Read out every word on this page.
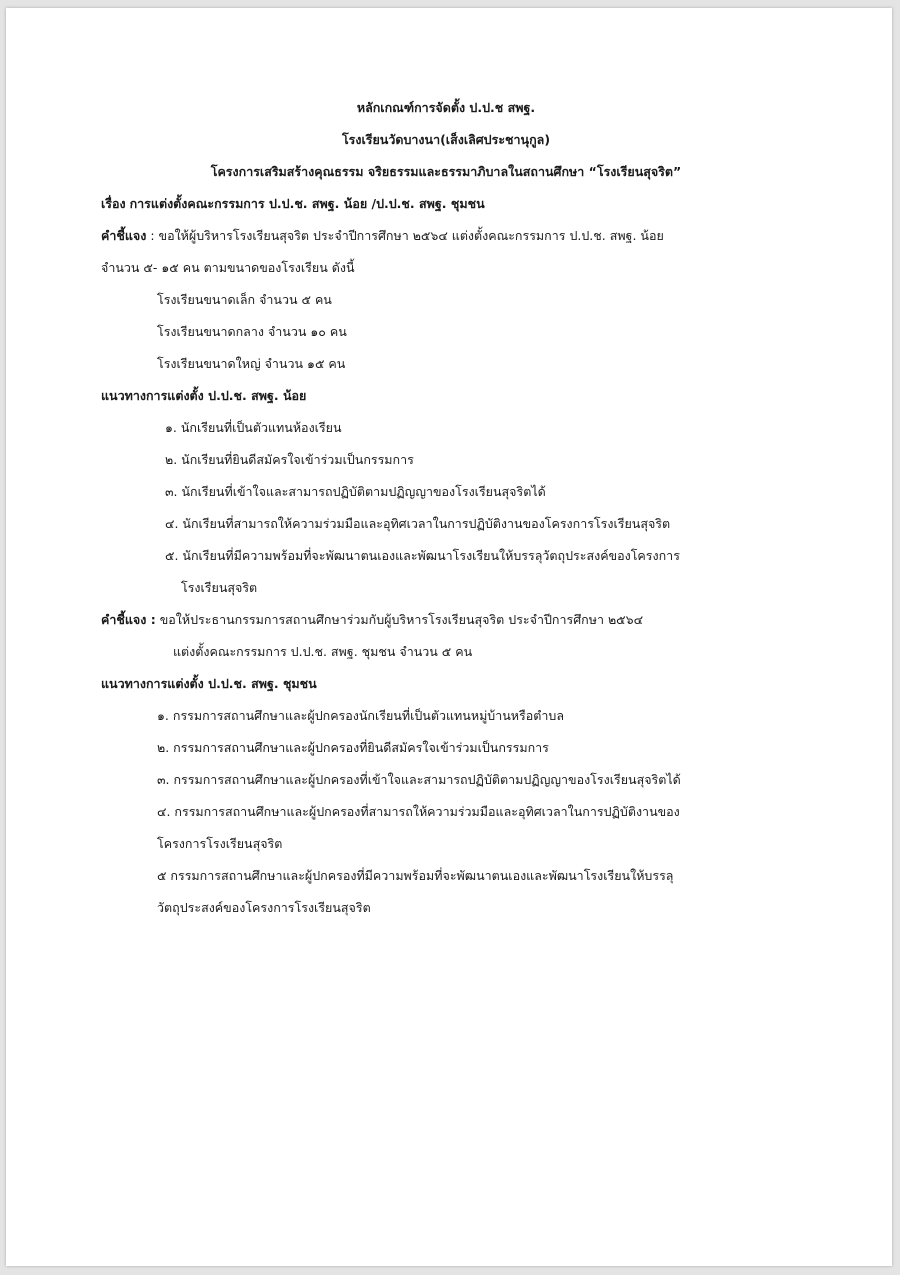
หลักเกณฑ์การจัดตั้ง ป.ป.ช สพฐ.
โรงเรียนวัดบางนา(เส็งเลิศประชานุกูล)
โครงการเสริมสร้างคุณธรรม จริยธรรมและธรรมาภิบาลในสถานศึกษา “โรงเรียนสุจริต”
เรื่อง การแต่งตั้งคณะกรรมการ ป.ป.ช. สพฐ. น้อย /ป.ป.ช. สพฐ. ชุมชน
คำชี้แจง : ขอให้ผู้บริหารโรงเรียนสุจริต ประจำปีการศึกษา ๒๕๖๔ แต่งตั้งคณะกรรมการ ป.ป.ช. สพฐ. น้อย
จำนวน ๕- ๑๕ คน ตามขนาดของโรงเรียน ดังนี้
โรงเรียนขนาดเล็ก จำนวน ๕ คน
โรงเรียนขนาดกลาง จำนวน ๑๐ คน
โรงเรียนขนาดใหญ่ จำนวน ๑๕ คน
แนวทางการแต่งตั้ง ป.ป.ช. สพฐ. น้อย
๑. นักเรียนที่เป็นตัวแทนห้องเรียน
๒. นักเรียนที่ยินดีสมัครใจเข้าร่วมเป็นกรรมการ
๓. นักเรียนที่เข้าใจและสามารถปฏิบัติตามปฏิญญาของโรงเรียนสุจริตได้
๔. นักเรียนที่สามารถให้ความร่วมมือและอุทิศเวลาในการปฏิบัติงานของโครงการโรงเรียนสุจริต
๕. นักเรียนที่มีความพร้อมที่จะพัฒนาตนเองและพัฒนาโรงเรียนให้บรรลุวัตถุประสงค์ของโครงการ
โรงเรียนสุจริต
คำชี้แจง : ขอให้ประธานกรรมการสถานศึกษาร่วมกับผู้บริหารโรงเรียนสุจริต ประจำปีการศึกษา ๒๕๖๔
แต่งตั้งคณะกรรมการ ป.ป.ช. สพฐ. ชุมชน จำนวน ๕ คน
แนวทางการแต่งตั้ง ป.ป.ช. สพฐ. ชุมชน
๑. กรรมการสถานศึกษาและผู้ปกครองนักเรียนที่เป็นตัวแทนหมู่บ้านหรือตำบล
๒. กรรมการสถานศึกษาและผู้ปกครองที่ยินดีสมัครใจเข้าร่วมเป็นกรรมการ
๓. กรรมการสถานศึกษาและผู้ปกครองที่เข้าใจและสามารถปฏิบัติตามปฏิญญาของโรงเรียนสุจริตได้
๔. กรรมการสถานศึกษาและผู้ปกครองที่สามารถให้ความร่วมมือและอุทิศเวลาในการปฏิบัติงานของ
โครงการโรงเรียนสุจริต
๕ กรรมการสถานศึกษาและผู้ปกครองที่มีความพร้อมที่จะพัฒนาตนเองและพัฒนาโรงเรียนให้บรรลุ
วัตถุประสงค์ของโครงการโรงเรียนสุจริต
